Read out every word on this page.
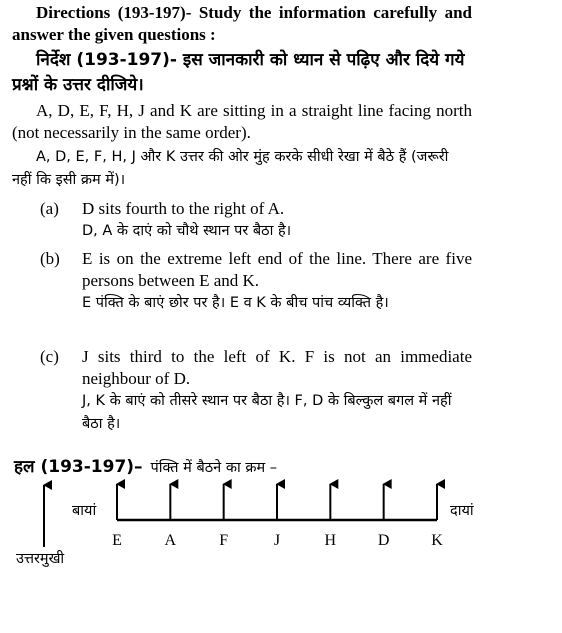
Directions (193-197)- Study the information carefully and answer the given questions :
निर्देश (193-197)- इस जानकारी को ध्यान से पढ़िए और दिये गये प्रश्नों के उत्तर दीजिये।
A, D, E, F, H, J and K are sitting in a straight line facing north (not necessarily in the same order).
A, D, E, F, H, J और K उत्तर की ओर मुंह करके सीधी रेखा में बैठे हैं (जरूरी नहीं कि इसी क्रम में)।
(a) D sits fourth to the right of A.
D, A के दाएं को चौथे स्थान पर बैठा है।
(b) E is on the extreme left end of the line. There are five persons between E and K.
E पंक्ति के बाएं छोर पर है। E व K के बीच पांच व्यक्ति है।
(c) J sits third to the left of K. F is not an immediate neighbour of D.
J, K के बाएं को तीसरे स्थान पर बैठा है। F, D के बिल्कुल बगल में नहीं बैठा है।
हल (193-197)– पंक्ति में बैठने का क्रम –
E	A	F	J	H	D	K
बायां	दायां
उत्तरमुखी
